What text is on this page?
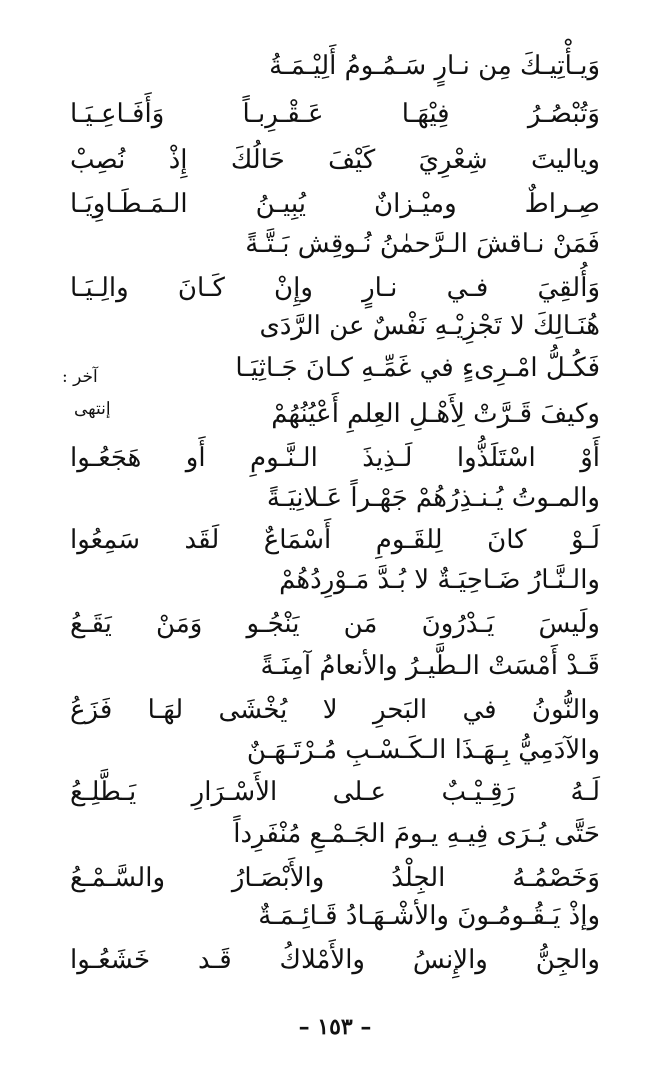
وَيـأْتِيـكَ مِن نـارٍ سَـمُـومُ أَلِيْـمَـةُ
وَتُبْصُـرُ فِيْهَـا عَـقْـرِبـاً وَأَفَـاعِـيَـا
وياليتَ شِعْرِيَ كَيْفَ حَالُكَ إِذْ نُصِبْ
صِـراطٌ وميْـزانٌ يُبِيـنُ الـمَـطَـاوِيَـا
فَمَنْ نـاقشَ الـرَّحمٰنُ نُـوقِش بَـتَّـةً
وَأُلقِيَ فـي نـارٍ وإِنْ كَـانَ والِـيَـا
هُنَـالِكَ لا تَجْزِيْـهِ نَفْسٌ عن الرَّدَى
فَكُـلُّ امْـرِىءٍ في غَمِّـهِ كـانَ جَـاثِيَـا
آخر :
إنتهى	وكيفَ قَـرَّتْ لِأَهْـلِ العِلمِ أَعْيُنُهُمْ
أَوْ اسْتَلَذُّوا لَـذِيذَ الـنَّـومِ أَو هَجَعُـوا
والمـوتُ يُـنـذِرُهُمْ جَهْـراً عَـلانِيَـةً
لَـوْ كانَ لِلقَـومِ أَسْمَاعٌ لَقَد سَمِعُوا
والـنَّـارُ ضَـاحِيَـةٌ لا بُـدَّ مَـوْرِدُهُمْ
ولَيسَ يَـدْرُونَ مَن يَنْجُـو وَمَنْ يَقَـعُ
قَـدْ أَمْسَتْ الـطَّيـرُ والأنعامُ آمِنَـةً
والنُّونُ في البَحرِ لا يُخْشَى لهَـا فَزَعُ
والآدَمِيُّ بِـهَـذَا الـكَـسْـبِ مُـرْتَـهَـنٌ
لَـهُ رَقِـيْـبٌ عـلى الأَسْـرَارِ يَـطَّلِـعُ
حَتَّى يُـرَى فِيـهِ يـومَ الجَـمْـعِ مُنْفَرِداً
وَخَصْمُـهُ الجِلْدُ والأَبْصَـارُ والسَّـمْـعُ
وإذْ يَـقُـومُـونَ والأشْـهَـادُ قَـائِـمَـةٌ
والجِنُّ والإِنسُ والأَمْلاكُ قَـد خَشَعُـوا
– ١٥٣ –
